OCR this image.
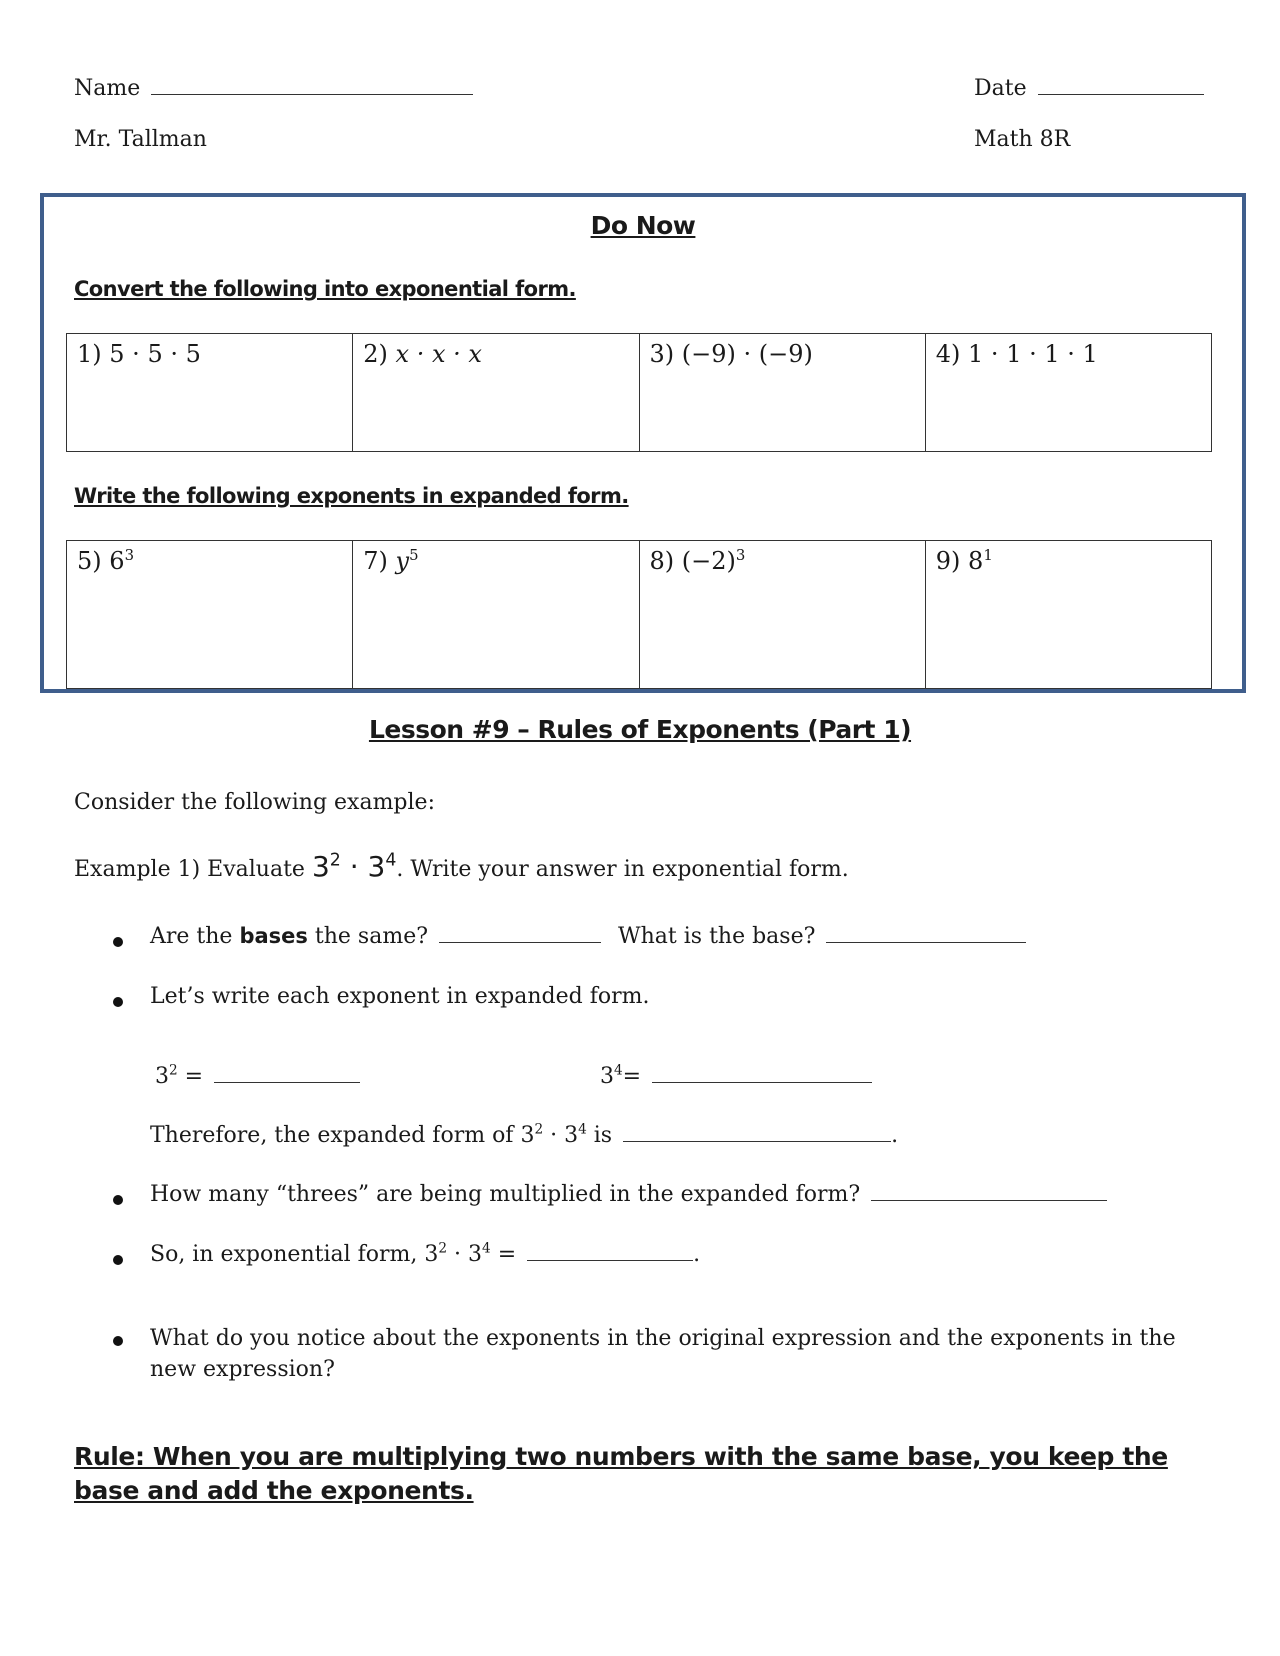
Name	Date
Mr. Tallman	Math 8R
Do Now
Convert the following into exponential form.
1) 5 · 5 · 5	2) x · x · x	3) (−9) · (−9)	4) 1 · 1 · 1 · 1
Write the following exponents in expanded form.
5) $6^3$	7) $y^5$	8) $(-2)^3$	9) $8^1$
Lesson #9 – Rules of Exponents (Part 1)
Consider the following example:
Example 1) Evaluate $3^2 \cdot 3^4$. Write your answer in exponential form.
Are the bases the same?	What is the base?
Let’s write each exponent in expanded form.
$3^2$ =	$3^4=$
Therefore, the expanded form of $3^2 \cdot 3^4$ is	.
How many “threes” are being multiplied in the expanded form?
So, in exponential form, $3^2 \cdot 3^4$ =	.
What do you notice about the exponents in the original expression and the exponents in the new expression?
Rule: When you are multiplying two numbers with the same base, you keep the base and add the exponents.
